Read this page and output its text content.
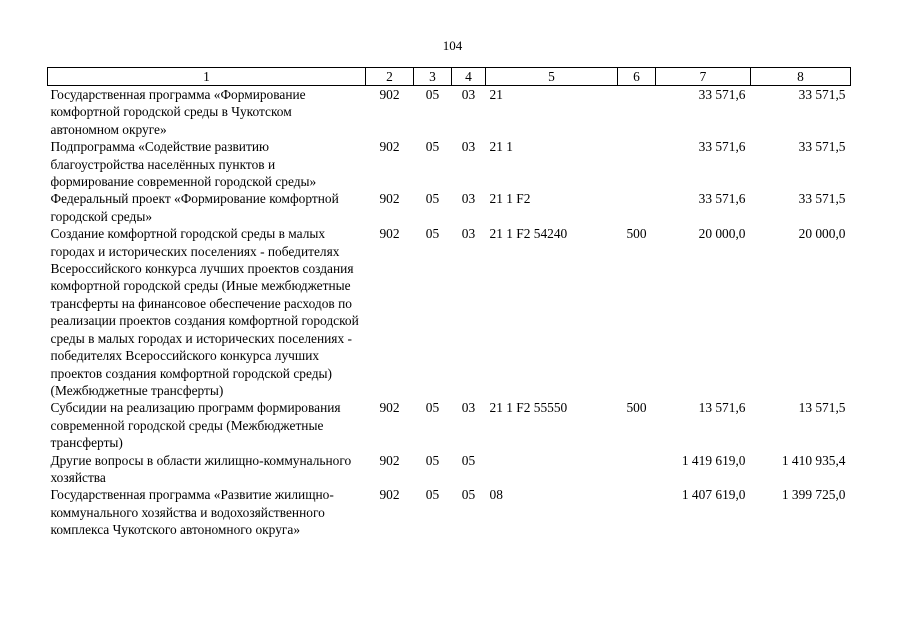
104
1	2	3	4	5	6	7	8
Государственная программа «Формирование комфортной городской среды в Чукотском автономном округе»	902	05	03	21		33 571,6	33 571,5
Подпрограмма «Содействие развитию благоустройства населённых пунктов и формирование современной городской среды»	902	05	03	21 1		33 571,6	33 571,5
Федеральный проект «Формирование комфортной городской среды»	902	05	03	21 1 F2		33 571,6	33 571,5
Создание комфортной городской среды в малых городах и исторических поселениях - победителях Всероссийского конкурса лучших проектов создания комфортной городской среды (Иные межбюджетные трансферты на финансовое обеспечение расходов по реализации проектов создания комфортной городской среды в малых городах и исторических поселениях - победителях Всероссийского конкурса лучших проектов создания комфортной городской среды) (Межбюджетные трансферты)	902	05	03	21 1 F2 54240	500	20 000,0	20 000,0
Субсидии на реализацию программ формирования современной городской среды (Межбюджетные трансферты)	902	05	03	21 1 F2 55550	500	13 571,6	13 571,5
Другие вопросы в области жилищно-коммунального хозяйства	902	05	05			1 419 619,0	1 410 935,4
Государственная программа «Развитие жилищно-коммунального хозяйства и водохозяйственного комплекса Чукотского автономного округа»	902	05	05	08		1 407 619,0	1 399 725,0
